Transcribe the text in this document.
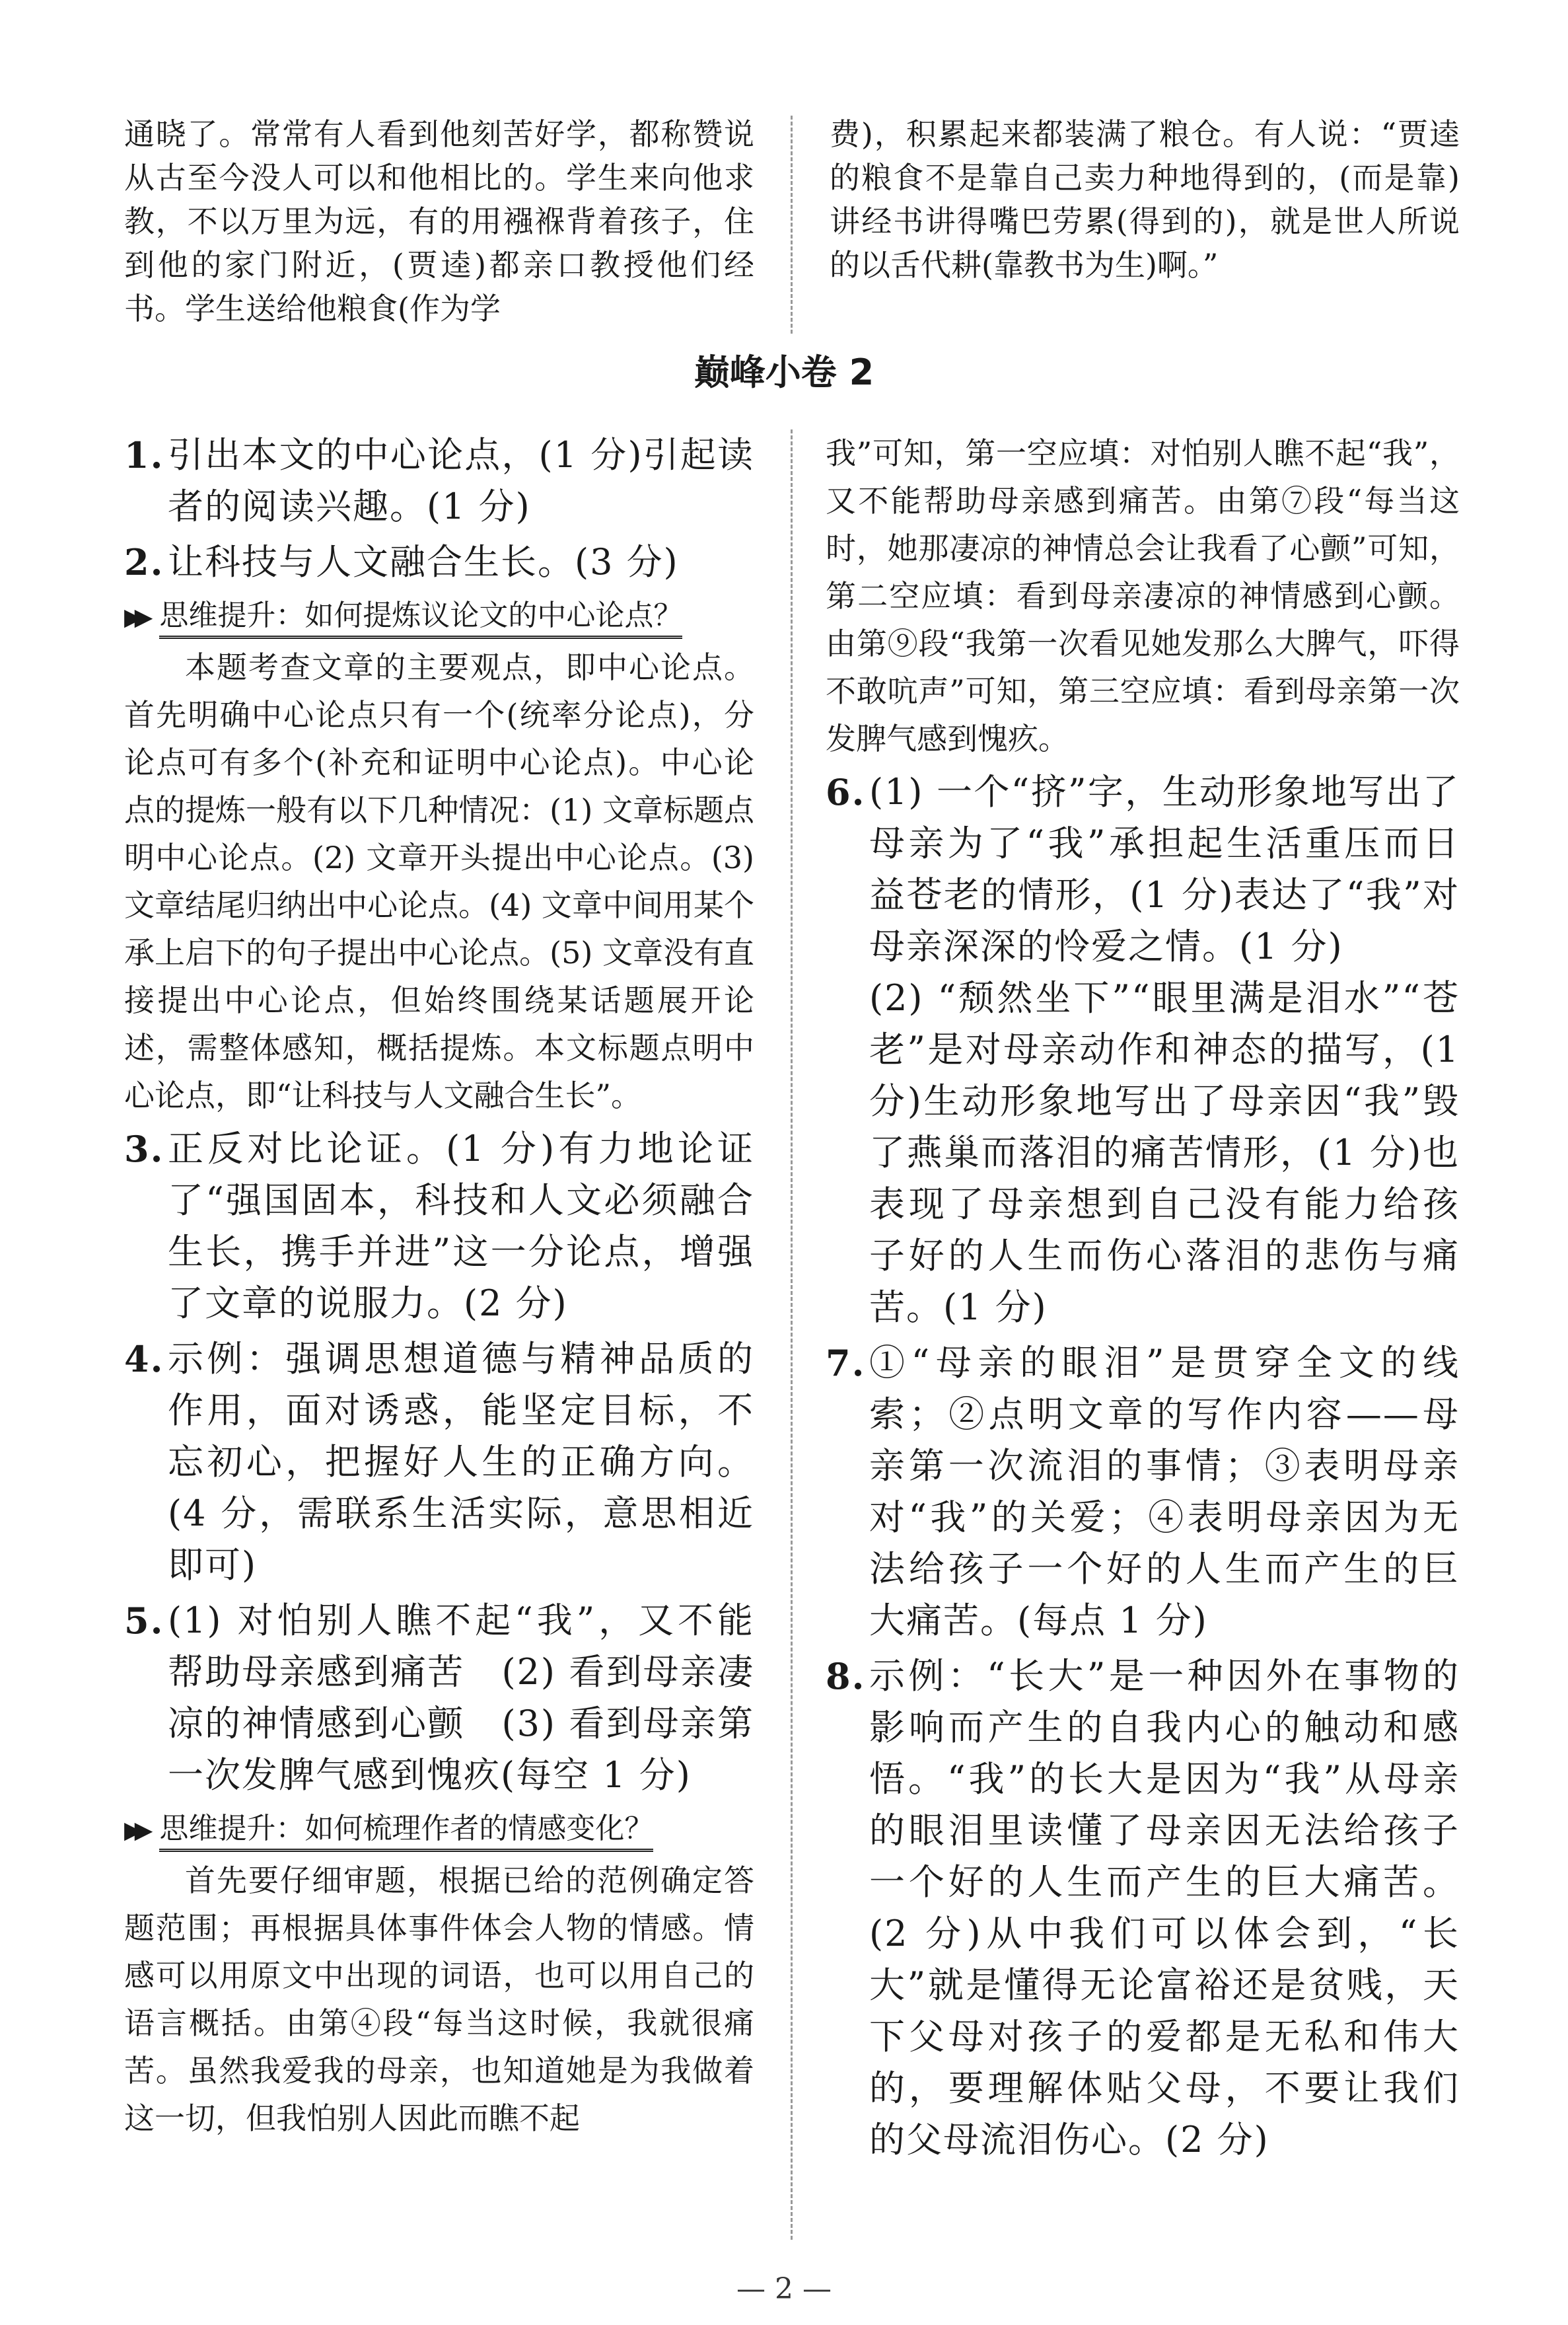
通晓了。常常有人看到他刻苦好学，都称赞说从古至今没人可以和他相比的。学生来向他求教，不以万里为远，有的用襁褓背着孩子，住到他的家门附近，(贾逵)都亲口教授他们经书。学生送给他粮食(作为学
费)，积累起来都装满了粮仓。有人说：“贾逵的粮食不是靠自己卖力种地得到的，(而是靠)讲经书讲得嘴巴劳累(得到的)，就是世人所说的以舌代耕(靠教书为生)啊。”
巅峰小卷 2
1. 引出本文的中心论点，(1 分)引起读者的阅读兴趣。(1 分)
2. 让科技与人文融合生长。(3 分)
▶▶ 思维提升：如何提炼议论文的中心论点？
本题考查文章的主要观点，即中心论点。首先明确中心论点只有一个(统率分论点)，分论点可有多个(补充和证明中心论点)。中心论点的提炼一般有以下几种情况：(1) 文章标题点明中心论点。(2) 文章开头提出中心论点。(3) 文章结尾归纳出中心论点。(4) 文章中间用某个承上启下的句子提出中心论点。(5) 文章没有直接提出中心论点，但始终围绕某话题展开论述，需整体感知，概括提炼。本文标题点明中心论点，即“让科技与人文融合生长”。
3. 正反对比论证。(1 分)有力地论证了“强国固本，科技和人文必须融合生长，携手并进”这一分论点，增强了文章的说服力。(2 分)
4. 示例：强调思想道德与精神品质的作用，面对诱惑，能坚定目标，不忘初心，把握好人生的正确方向。(4 分，需联系生活实际，意思相近即可)
5. (1) 对怕别人瞧不起“我”，又不能帮助母亲感到痛苦　(2) 看到母亲凄凉的神情感到心颤　(3) 看到母亲第一次发脾气感到愧疚(每空 1 分)
▶▶ 思维提升：如何梳理作者的情感变化？
首先要仔细审题，根据已给的范例确定答题范围；再根据具体事件体会人物的情感。情感可以用原文中出现的词语，也可以用自己的语言概括。由第④段“每当这时候，我就很痛苦。虽然我爱我的母亲，也知道她是为我做着这一切，但我怕别人因此而瞧不起
我”可知，第一空应填：对怕别人瞧不起“我”，又不能帮助母亲感到痛苦。由第⑦段“每当这时，她那凄凉的神情总会让我看了心颤”可知，第二空应填：看到母亲凄凉的神情感到心颤。由第⑨段“我第一次看见她发那么大脾气，吓得不敢吭声”可知，第三空应填：看到母亲第一次发脾气感到愧疚。
6. (1) 一个“挤”字，生动形象地写出了母亲为了“我”承担起生活重压而日益苍老的情形，(1 分)表达了“我”对母亲深深的怜爱之情。(1 分)
(2) “颓然坐下”“眼里满是泪水”“苍老”是对母亲动作和神态的描写，(1 分)生动形象地写出了母亲因“我”毁了燕巢而落泪的痛苦情形，(1 分)也表现了母亲想到自己没有能力给孩子好的人生而伤心落泪的悲伤与痛苦。(1 分)
7. ①“母亲的眼泪”是贯穿全文的线索；②点明文章的写作内容——母亲第一次流泪的事情；③表明母亲对“我”的关爱；④表明母亲因为无法给孩子一个好的人生而产生的巨大痛苦。(每点 1 分)
8. 示例：“长大”是一种因外在事物的影响而产生的自我内心的触动和感悟。“我”的长大是因为“我”从母亲的眼泪里读懂了母亲因无法给孩子一个好的人生而产生的巨大痛苦。(2 分)从中我们可以体会到，“长大”就是懂得无论富裕还是贫贱，天下父母对孩子的爱都是无私和伟大的，要理解体贴父母，不要让我们的父母流泪伤心。(2 分)
— 2 —
